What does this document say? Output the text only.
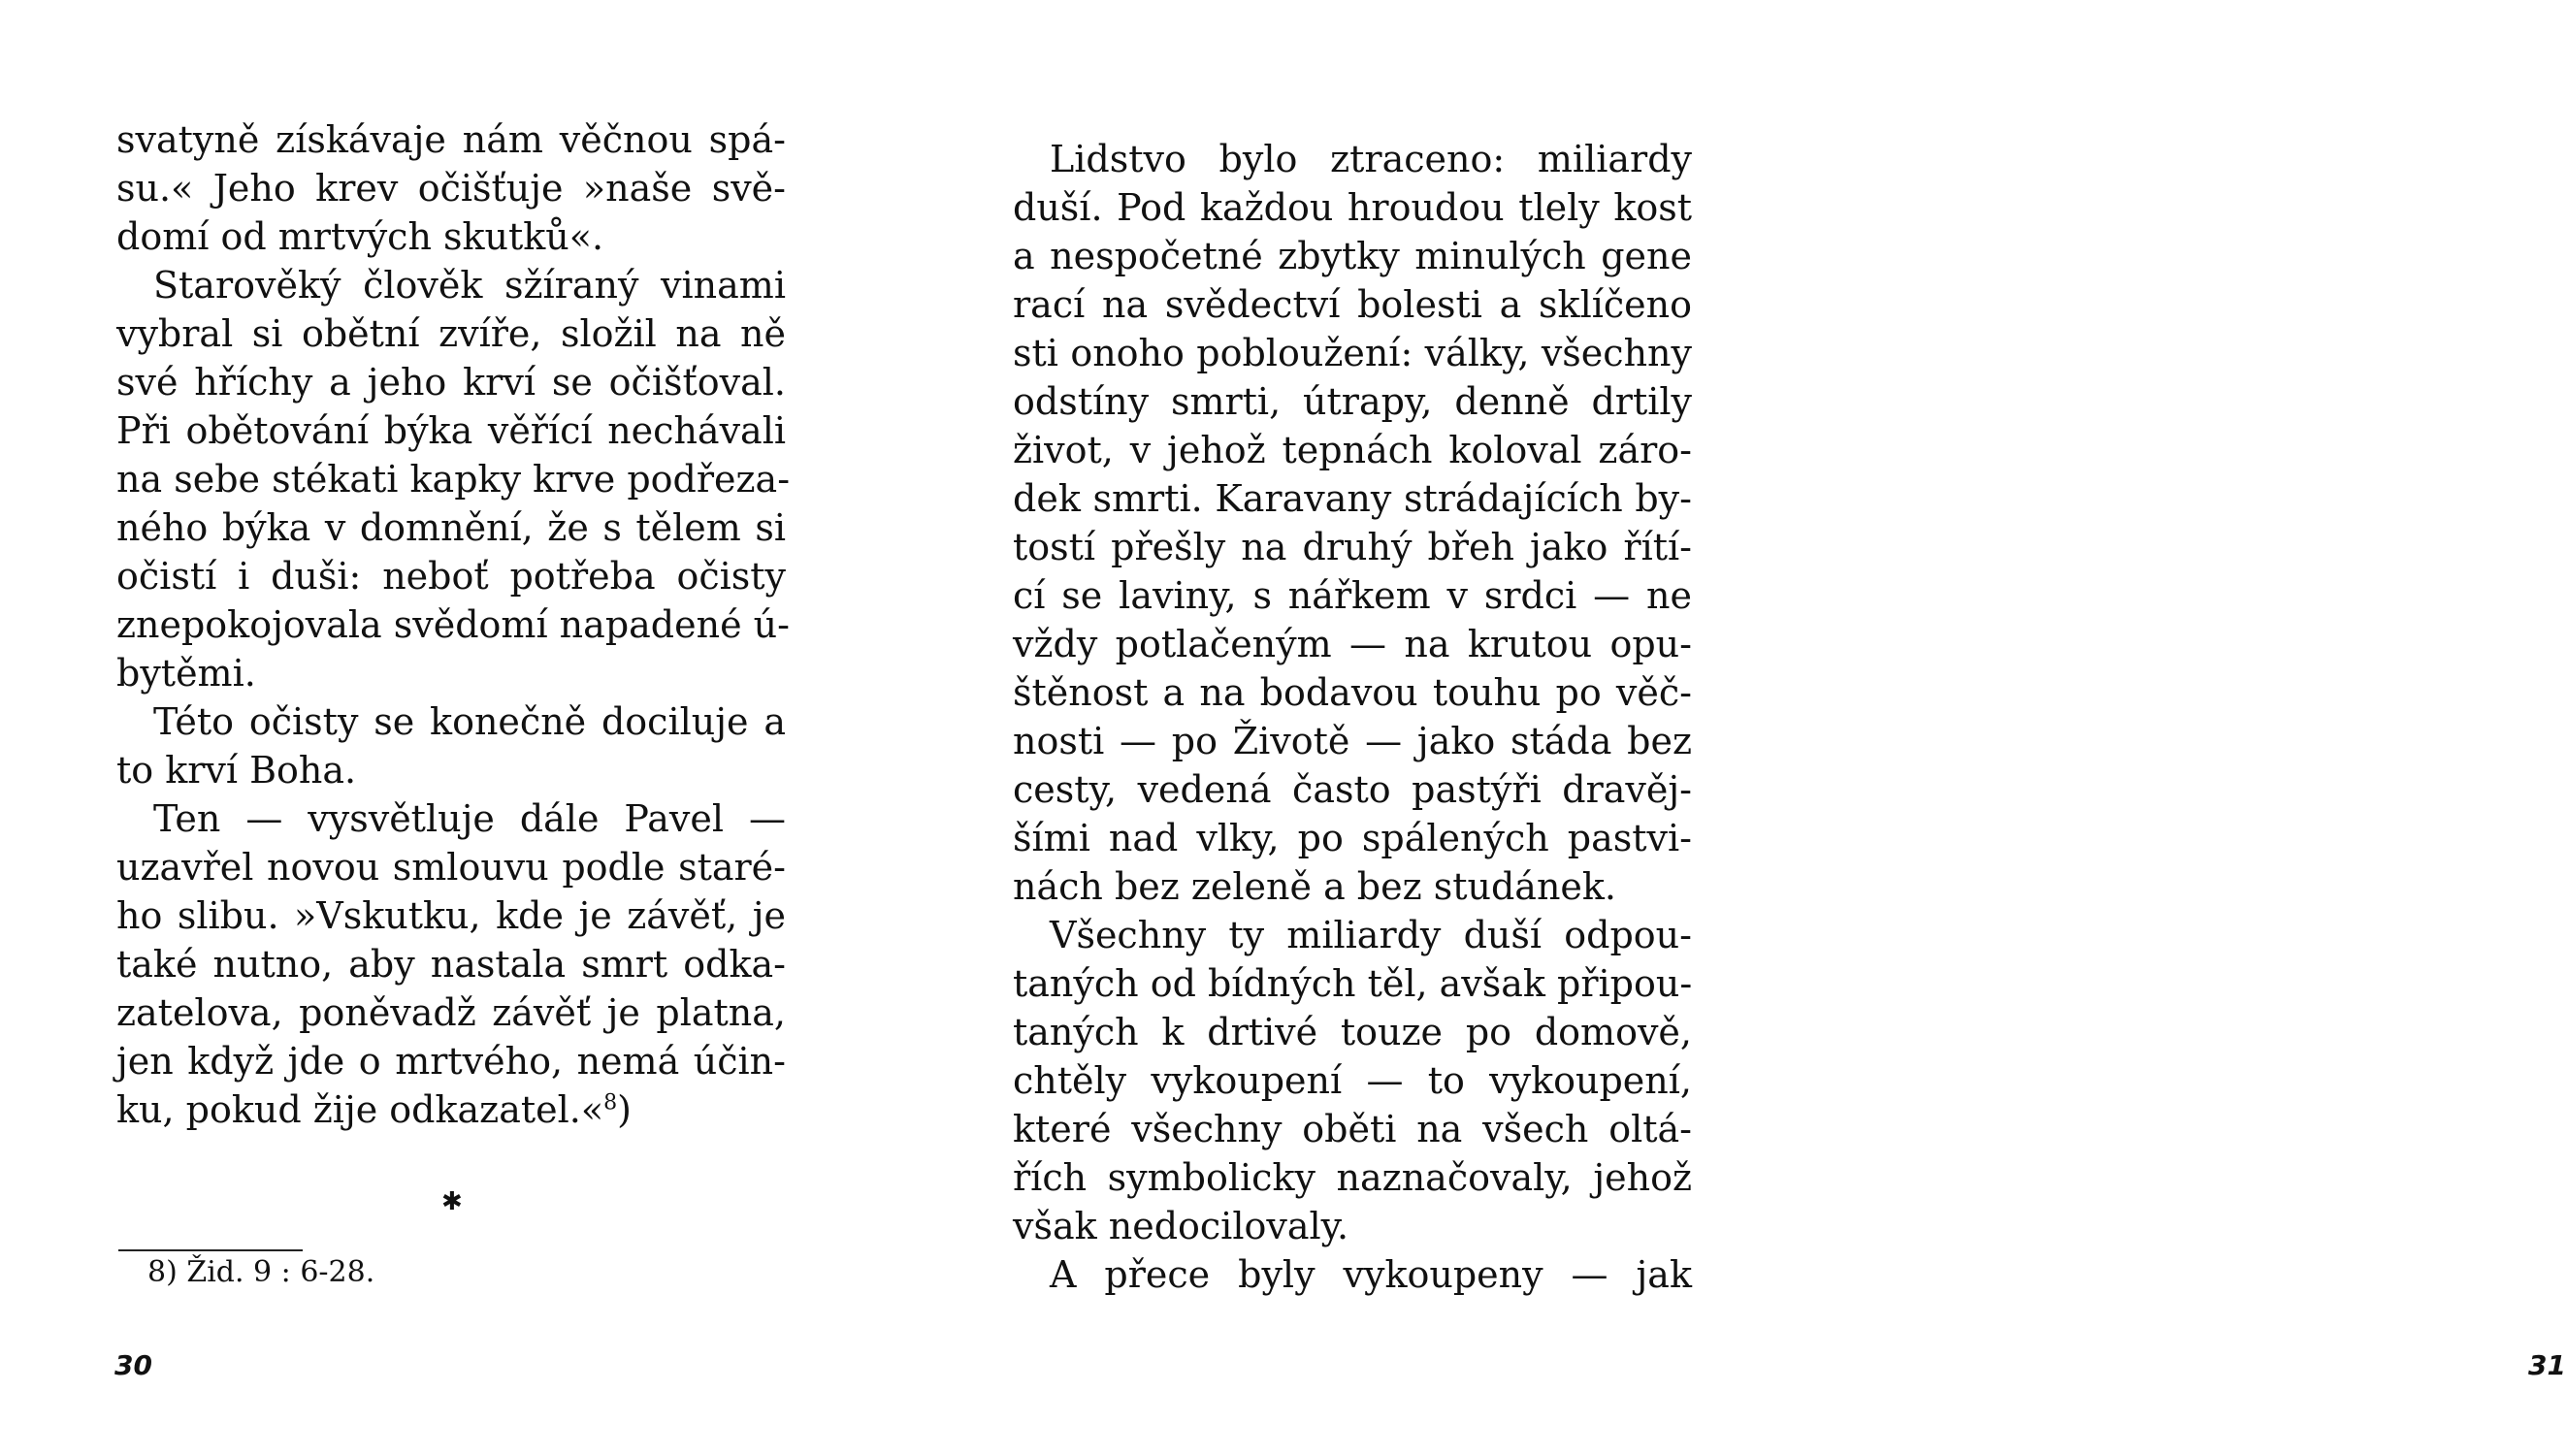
svatyně získávaje nám věčnou spá-
su.« Jeho krev očišťuje »naše svě-
domí od mrtvých skutků«.
Starověký člověk sžíraný vinami
vybral si obětní zvíře, složil na ně
své hříchy a jeho krví se očišťoval.
Při obětování býka věřící nechávali
na sebe stékati kapky krve podřeza-
ného býka v domnění, že s tělem si
očistí i duši: neboť potřeba očisty
znepokojovala svědomí napadené ú-
bytěmi.
Této očisty se konečně dociluje a
to krví Boha.
Ten — vysvětluje dále Pavel —
uzavřel novou smlouvu podle staré-
ho slibu. »Vskutku, kde je závěť, je
také nutno, aby nastala smrt odka-
zatelova, poněvadž závěť je platna,
jen když jde o mrtvého, nemá účin-
ku, pokud žije odkazatel.«$^8$)
✱
8) Žid. 9 : 6-28.
30
Lidstvo bylo ztraceno: miliardy
duší. Pod každou hroudou tlely kost
a nespočetné zbytky minulých gene
rací na svědectví bolesti a sklíčeno
sti onoho pobloužení: války, všechny
odstíny smrti, útrapy, denně drtily
život, v jehož tepnách koloval záro-
dek smrti. Karavany strádajících by-
tostí přešly na druhý břeh jako řítí-
cí se laviny, s nářkem v srdci — ne
vždy potlačeným — na krutou opu-
štěnost a na bodavou touhu po věč-
nosti — po Životě — jako stáda bez
cesty, vedená často pastýři dravěj-
šími nad vlky, po spálených pastvi-
nách bez zeleně a bez studánek.
Všechny ty miliardy duší odpou-
taných od bídných těl, avšak připou-
taných k drtivé touze po domově,
chtěly vykoupení — to vykoupení,
které všechny oběti na všech oltá-
řích symbolicky naznačovaly, jehož
však nedocilovaly.
A přece byly vykoupeny — jak
31
